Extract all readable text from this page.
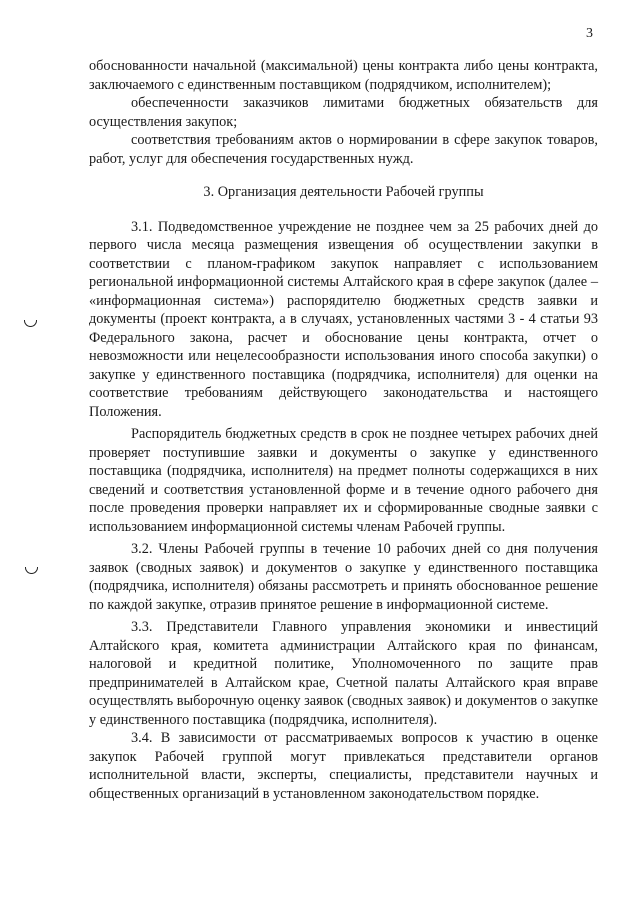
3

обоснованности начальной (максимальной) цены контракта либо цены контракта, заключаемого с единственным поставщиком (подрядчиком, исполнителем);

обеспеченности заказчиков лимитами бюджетных обязательств для осуществления закупок;

соответствия требованиям актов о нормировании в сфере закупок товаров, работ, услуг для обеспечения государственных нужд.

3. Организация деятельности Рабочей группы

3.1. Подведомственное учреждение не позднее чем за 25 рабочих дней до первого числа месяца размещения извещения об осуществлении закупки в соответствии с планом-графиком закупок направляет с использованием региональной информационной системы Алтайского края в сфере закупок (далее – «информационная система») распорядителю бюджетных средств заявки и документы (проект контракта, а в случаях, установленных частями 3 - 4 статьи 93 Федерального закона, расчет и обоснование цены контракта, отчет о невозможности или нецелесообразности использования иного способа закупки) о закупке у единственного поставщика (подрядчика, исполнителя) для оценки на соответствие требованиям действующего законодательства и настоящего Положения.

Распорядитель бюджетных средств в срок не позднее четырех рабочих дней проверяет поступившие заявки и документы о закупке у единственного поставщика (подрядчика, исполнителя) на предмет полноты содержащихся в них сведений и соответствия установленной форме и в течение одного рабочего дня после проведения проверки направляет их и сформированные сводные заявки с использованием информационной системы членам Рабочей группы.

3.2. Члены Рабочей группы в течение 10 рабочих дней со дня получения заявок (сводных заявок) и документов о закупке у единственного поставщика (подрядчика, исполнителя) обязаны рассмотреть и принять обоснованное решение по каждой закупке, отразив принятое решение в информационной системе.

3.3. Представители Главного управления экономики и инвестиций Алтайского края, комитета администрации Алтайского края по финансам, налоговой и кредитной политике, Уполномоченного по защите прав предпринимателей в Алтайском крае, Счетной палаты Алтайского края вправе осуществлять выборочную оценку заявок (сводных заявок) и документов о закупке у единственного поставщика (подрядчика, исполнителя).

3.4. В зависимости от рассматриваемых вопросов к участию в оценке закупок Рабочей группой могут привлекаться представители органов исполнительной власти, эксперты, специалисты, представители научных и общественных организаций в установленном законодательством порядке.
